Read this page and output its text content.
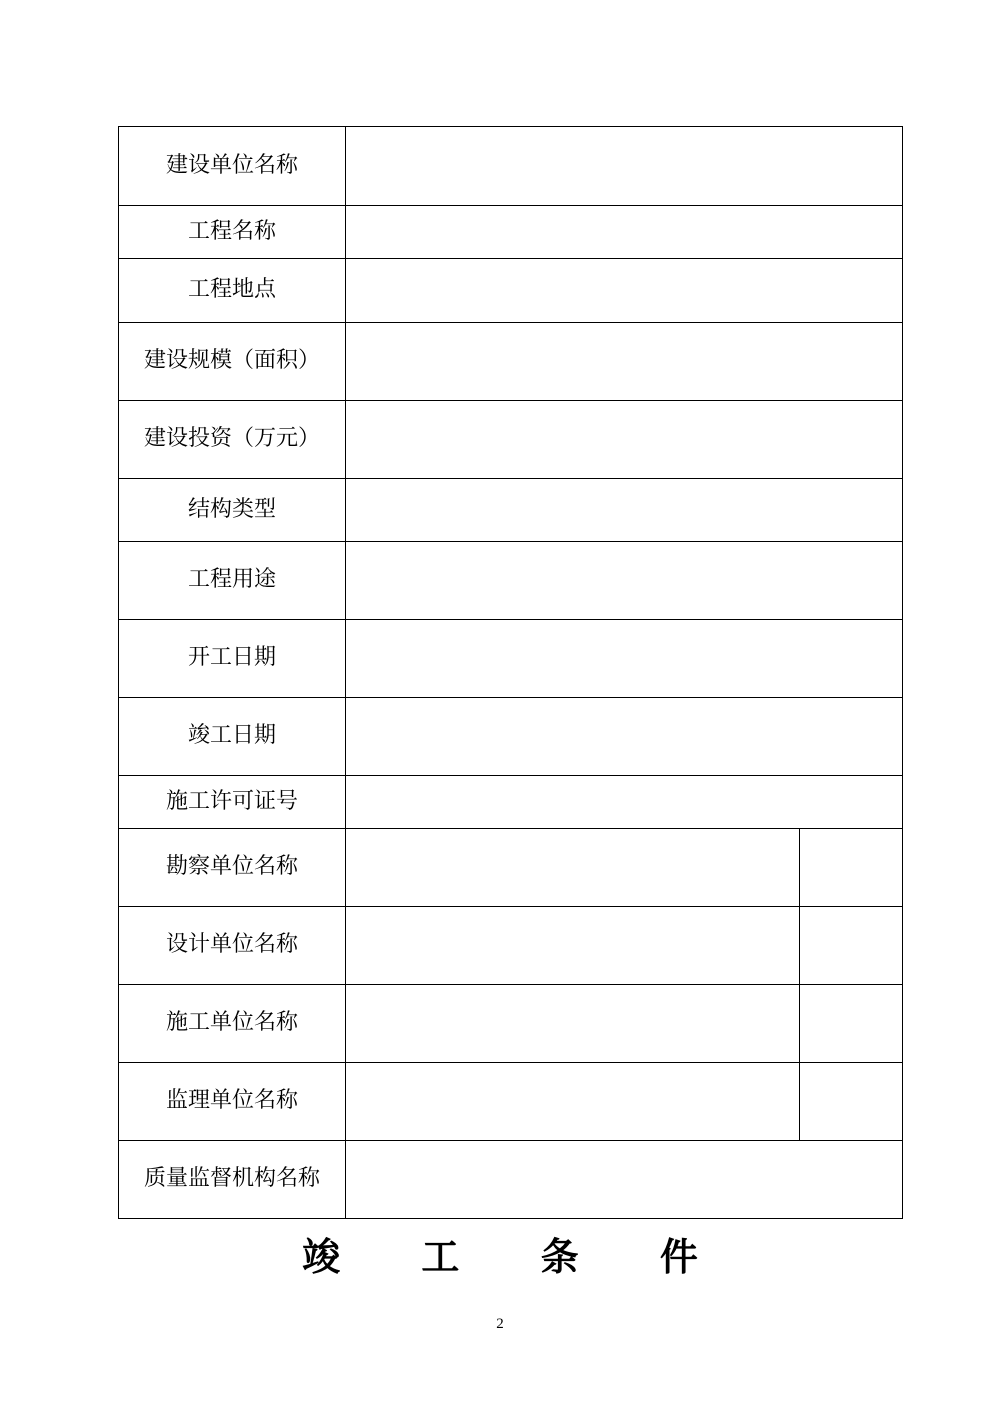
建设单位名称		
工程名称		
工程地点		
建设规模（面积）		
建设投资（万元）		
结构类型		
工程用途		
开工日期		
竣工日期		
施工许可证号		
勘察单位名称		
设计单位名称		
施工单位名称		
监理单位名称		
质量监督机构名称		
竣 工 条 件
2
